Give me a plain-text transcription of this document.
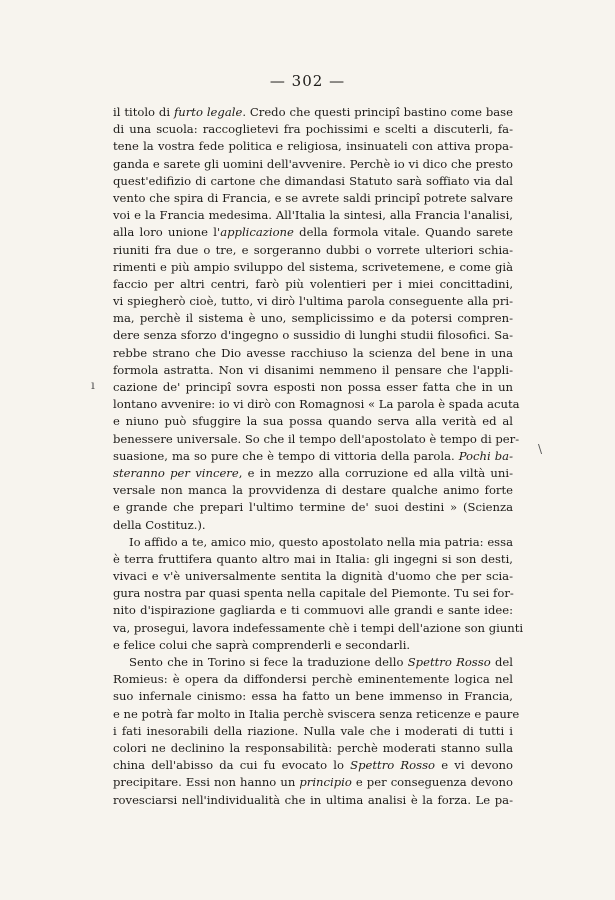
— 302 —
il titolo di furto legale. Credo che questi principî bastino come base
di una scuola: raccoglietevi fra pochissimi e scelti a discuterli, fa-
tene la vostra fede politica e religiosa, insinuateli con attiva propa-
ganda e sarete gli uomini dell'avvenire. Perchè io vi dico che presto
quest'edifizio di cartone che dimandasi Statuto sarà soffiato via dal
vento che spira di Francia, e se avrete saldi principî potrete salvare
voi e la Francia medesima. All'Italia la sintesi, alla Francia l'analisi,
alla loro unione l'applicazione della formola vitale. Quando sarete
riuniti fra due o tre, e sorgeranno dubbi o vorrete ulteriori schia-
rimenti e più ampio sviluppo del sistema, scrivetemene, e come già
faccio per altri centri, farò più volentieri per i miei concittadini,
vi spiegherò cioè, tutto, vi dirò l'ultima parola conseguente alla pri-
ma, perchè il sistema è uno, semplicissimo e da potersi compren-
dere senza sforzo d'ingegno o sussidio di lunghi studii filosofici. Sa-
rebbe strano che Dio avesse racchiuso la scienza del bene in una
formola astratta. Non vi disanimi nemmeno il pensare che l'appli-
cazione de' principî sovra esposti non possa esser fatta che in un
lontano avvenire: io vi dirò con Romagnosi « La parola è spada acuta
e niuno può sfuggire la sua possa quando serva alla verità ed al
benessere universale. So che il tempo dell'apostolato è tempo di per-
suasione, ma so pure che è tempo di vittoria della parola. Pochi ba-
steranno per vincere, e in mezzo alla corruzione ed alla viltà uni-
versale non manca la provvidenza di destare qualche animo forte
e grande che prepari l'ultimo termine de' suoi destini » (Scienza
della Costituz.).
Io affido a te, amico mio, questo apostolato nella mia patria: essa
è terra fruttifera quanto altro mai in Italia: gli ingegni si son desti,
vivaci e v'è universalmente sentita la dignità d'uomo che per scia-
gura nostra par quasi spenta nella capitale del Piemonte. Tu sei for-
nito d'ispirazione gagliarda e ti commuovi alle grandi e sante idee:
va, prosegui, lavora indefessamente chè i tempi dell'azione son giunti
e felice colui che saprà comprenderli e secondarli.
Sento che in Torino si fece la traduzione dello Spettro Rosso del
Romieus: è opera da diffondersi perchè eminentemente logica nel
suo infernale cinismo: essa ha fatto un bene immenso in Francia,
e ne potrà far molto in Italia perchè sviscera senza reticenze e paure
i fati inesorabili della riazione. Nulla vale che i moderati di tutti i
colori ne declinino la responsabilità: perchè moderati stanno sulla
china dell'abisso da cui fu evocato lo Spettro Rosso e vi devono
precipitare. Essi non hanno un principio e per conseguenza devono
rovesciarsi nell'individualità che in ultima analisi è la forza. Le pa-
ı
\
